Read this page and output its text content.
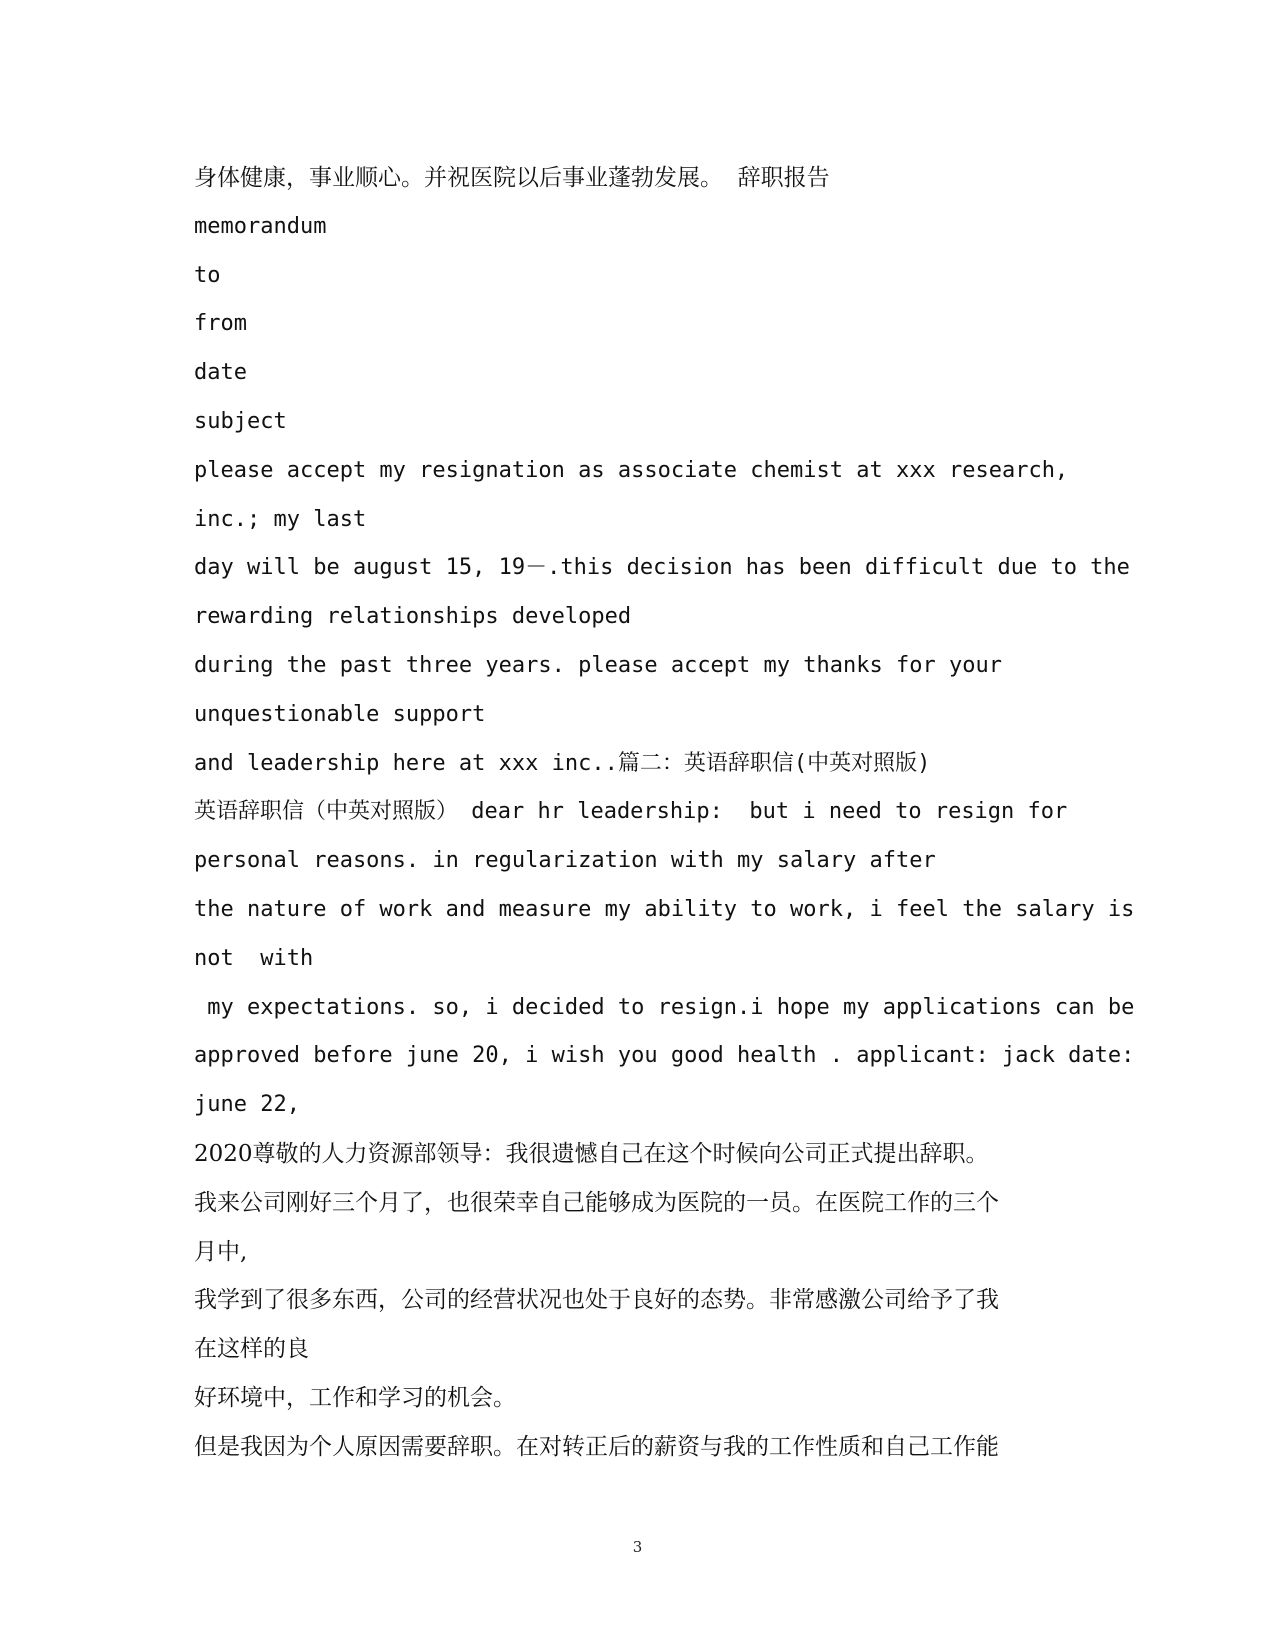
身体健康，事业顺心。并祝医院以后事业蓬勃发展。  辞职报告
memorandum
to
from
date
subject
please accept my resignation as associate chemist at xxx research,
inc.; my last
day will be august 15, 19－.this decision has been difficult due to the
rewarding relationships developed
during the past three years. please accept my thanks for your
unquestionable support
and leadership here at xxx inc..篇二：英语辞职信(中英对照版)
英语辞职信（中英对照版） dear hr leadership:  but i need to resign for
personal reasons. in regularization with my salary after
the nature of work and measure my ability to work, i feel the salary is
not  with
my expectations. so, i decided to resign.i hope my applications can be
approved before june 20, i wish you good health . applicant: jack date:
june 22,
2020尊敬的人力资源部领导：我很遗憾自己在这个时候向公司正式提出辞职。
我来公司刚好三个月了，也很荣幸自己能够成为医院的一员。在医院工作的三个
月中,
我学到了很多东西，公司的经营状况也处于良好的态势。非常感激公司给予了我
在这样的良
好环境中，工作和学习的机会。
但是我因为个人原因需要辞职。在对转正后的薪资与我的工作性质和自己工作能
3
